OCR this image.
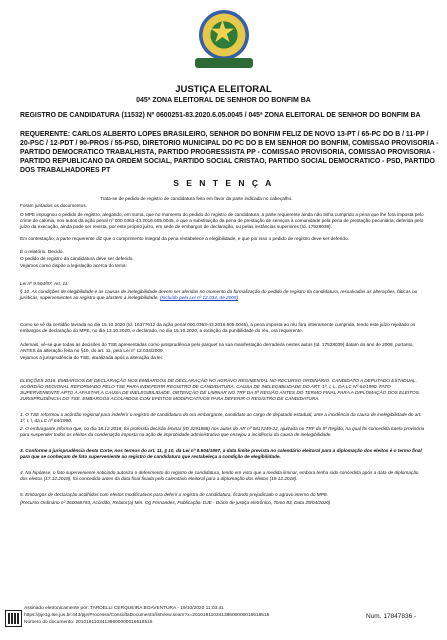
★
JUSTIÇA ELEITORAL
045ª ZONA ELEITORAL DE SENHOR DO BONFIM BA
REGISTRO DE CANDIDATURA (11532) Nº 0600251-83.2020.6.05.0045 / 045ª ZONA ELEITORAL DE SENHOR DO BONFIM BA
REQUERENTE: CARLOS ALBERTO LOPES BRASILEIRO, SENHOR DO BONFIM FELIZ DE NOVO 13-PT / 65-PC DO B / 11-PP / 20-PSC / 12-PDT / 90-PROS / 55-PSD, DIRETORIO MUNICIPAL DO PC DO B EM SENHOR DO BONFIM, COMISSAO PROVISORIA - PARTIDO DEMOCRATICO TRABALHISTA, PARTIDO PROGRESSISTA PP - COMISSAO PROVISORIA, COMISSAO PROVISORIA - PARTIDO REPUBLICANO DA ORDEM SOCIAL, PARTIDO SOCIAL CRISTAO, PARTIDO SOCIAL DEMOCRATICO - PSD, PARTIDO DOS TRABALHADORES PT
S E N T E N Ç A
Trata-se de pedido de registro de candidatura feito em favor da parte indicada no cabeçalho.
Foram juntados os documentos.
O MPE impugnou o pedido de registro, alegando, em suma, que no momento do pedido do registro de candidatura, a parte requerente ainda não tinha cumprido a pena que lhe fora imposta pelo crime de calúnia, nos autos da ação penal nº 000.0363-43.2016.605.0045, e que a substituição da pena de prestação de serviços à comunidade pela pena de prestação pecuniária, deferida pelo juízo da execução, ainda pode ser revista, por este próprio juízo, em sede de embargos de declaração, ou pelas instâncias superiores (Id. 17528039).
Em contestação, a parte requerente diz que o cumprimento integral da pena restabelece a elegibilidade, e que por isso o pedido de registro deve ser deferido.
É o relatório. Decido.
O pedido de registro da candidatura deve ser deferido.
Vejamos como dispõe a legislação acerca do tema:
Lei nº 9.504/97, Art. 11:
§ 10. As condições de elegibilidade e as causas de inelegibilidade devem ser aferidas no momento da formalização do pedido de registro da candidatura, ressalvadas as alterações, fáticas ou jurídicas, supervenientes ao registro que afastem a inelegibilidade. (Incluído pela Lei nº 12.034, de 2009)
Como se vê da certidão lavrada no dia 15.10.2020 (Id. 16377612 da ação penal 000.0363-43.2016.605.0045), a pena imposta ao réu fora inteiramente cumprida, tendo este juízo rejeitado os embargos de declaração do MPE, no dia 13.10.2020, e declarado, no dia 15.10.2020, a extinção da punibilidade do réu, ora requerente.
Ademais, vê-se que todas as decisões do TSE apresentadas como jurisprudência pelo parquet na sua manifestação derradeira nestes autos (Id. 17528039) datam do ano de 2008, portanto, ANTES da alteração feita no §10, do art. 11, pela Lei nº 12.034/2009.
Vejamos a jurisprudência do TSE, atualizada após a alteração da lei:
ELEIÇÕES 2018. EMBARGOS DE DECLARAÇÃO NOS EMBARGOS DE DECLARAÇÃO NO AGRAVO REGIMENTAL NO RECURSO ORDINÁRIO. CANDIDATO A DEPUTADO ESTADUAL. ACÓRDÃO REGIONAL REFORMADO PELO TSE PARA INDEFERIR REGISTRO DE CANDIDATURA. CAUSA DE INELEGIBILIDADE DO ART. 1º, I, L, DA LC Nº 64/1990. FATO SUPERVENIENTE APTO A AFASTAR A CAUSA DE INELEGIBILIDADE. OBTENÇÃO DE LIMINAR NO TRF DA 5ª REGIÃO ANTES DO TERMO FINAL PARA A DIPLOMAÇÃO DOS ELEITOS. JURISPRUDÊNCIA DO TSE. EMBARGOS ACOLHIDOS COM EFEITOS MODIFICATIVOS PARA DEFERIR O REGISTRO DE CANDIDATURA.
1. O TSE reformou o acórdão regional para indeferir o registro de candidatura do ora embargante, candidato ao cargo de deputado estadual, ante a incidência da causa de inelegibilidade do art. 1º, I, l, da LC nº 64/1990.
2. O embargante informa que, no dia 18.12.2018, foi proferida decisão liminar (ID 3291888) nos autos do AR nº 0817249-22, ajuizada no TRF da 5ª Região, na qual foi concedida tutela provisória para suspender todos os efeitos da condenação imposta na ação de improbidade administrativa que ensejou a incidência da causa de inelegibilidade.
3. Conforme a jurisprudência desta Corte, nos termos do art. 11, § 10, da Lei nº 9.504/1997, a data limite prevista no calendário eleitoral para a diplomação dos eleitos é o termo final para que se conheçam de fato superveniente ao registro de candidatura que restabeleça a condição de elegibilidade.
4. Na hipótese, o fato superveniente noticiado autoriza o deferimento do registro de candidatura, tendo em vista que a medida liminar, embora tenha sido concedida após a data de diplomação dos eleitos (17.12.2018), foi concedida antes da data final fixada pelo calendário eleitoral para a diplomação dos eleitos (19.12.2018).
5. Embargos de declaração acolhidos com efeitos modificativos para deferir o registro de candidatura, ficando prejudicado o agravo interno do MPE.
(Recurso Ordinário nº 060068793, Acórdão, Relator(a) Min. Og Fernandes, Publicação: DJE - Diário de justiça eletrônico, Tomo 83, Data 29/04/2020)
Assinado eletronicamente por: TARDELLI CERQUEIRA BOAVENTURA - 19/10/2020 11:03:41
https://pje1g.tse.jus.br:443/pje/Processo/ConsultaDocumento/listView.seam?x=20101911034138600000016618515
Número do documento: 20101911034138600000016618515
Num. 17847836 -
